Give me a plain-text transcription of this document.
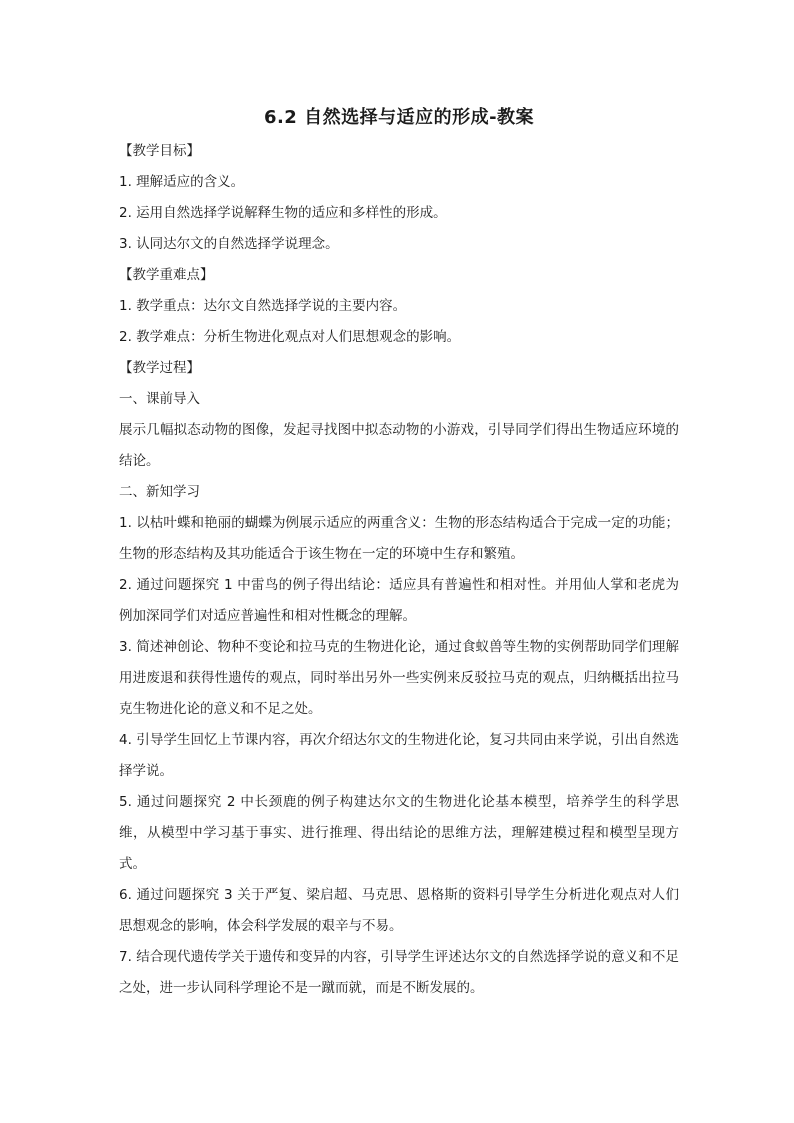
6.2 自然选择与适应的形成-教案

【教学目标】

1. 理解适应的含义。

2. 运用自然选择学说解释生物的适应和多样性的形成。

3. 认同达尔文的自然选择学说理念。

【教学重难点】

1. 教学重点：达尔文自然选择学说的主要内容。

2. 教学难点：分析生物进化观点对人们思想观念的影响。

【教学过程】

一、课前导入

展示几幅拟态动物的图像，发起寻找图中拟态动物的小游戏，引导同学们得出生物适应环境的结论。

二、新知学习

1. 以枯叶蝶和艳丽的蝴蝶为例展示适应的两重含义：生物的形态结构适合于完成一定的功能；生物的形态结构及其功能适合于该生物在一定的环境中生存和繁殖。

2. 通过问题探究 1 中雷鸟的例子得出结论：适应具有普遍性和相对性。并用仙人掌和老虎为例加深同学们对适应普遍性和相对性概念的理解。

3. 简述神创论、物种不变论和拉马克的生物进化论，通过食蚁兽等生物的实例帮助同学们理解用进废退和获得性遗传的观点，同时举出另外一些实例来反驳拉马克的观点，归纳概括出拉马克生物进化论的意义和不足之处。

4. 引导学生回忆上节课内容，再次介绍达尔文的生物进化论，复习共同由来学说，引出自然选择学说。

5. 通过问题探究 2 中长颈鹿的例子构建达尔文的生物进化论基本模型，培养学生的科学思维，从模型中学习基于事实、进行推理、得出结论的思维方法，理解建模过程和模型呈现方式。

6. 通过问题探究 3 关于严复、梁启超、马克思、恩格斯的资料引导学生分析进化观点对人们思想观念的影响，体会科学发展的艰辛与不易。

7. 结合现代遗传学关于遗传和变异的内容，引导学生评述达尔文的自然选择学说的意义和不足之处，进一步认同科学理论不是一蹴而就，而是不断发展的。
